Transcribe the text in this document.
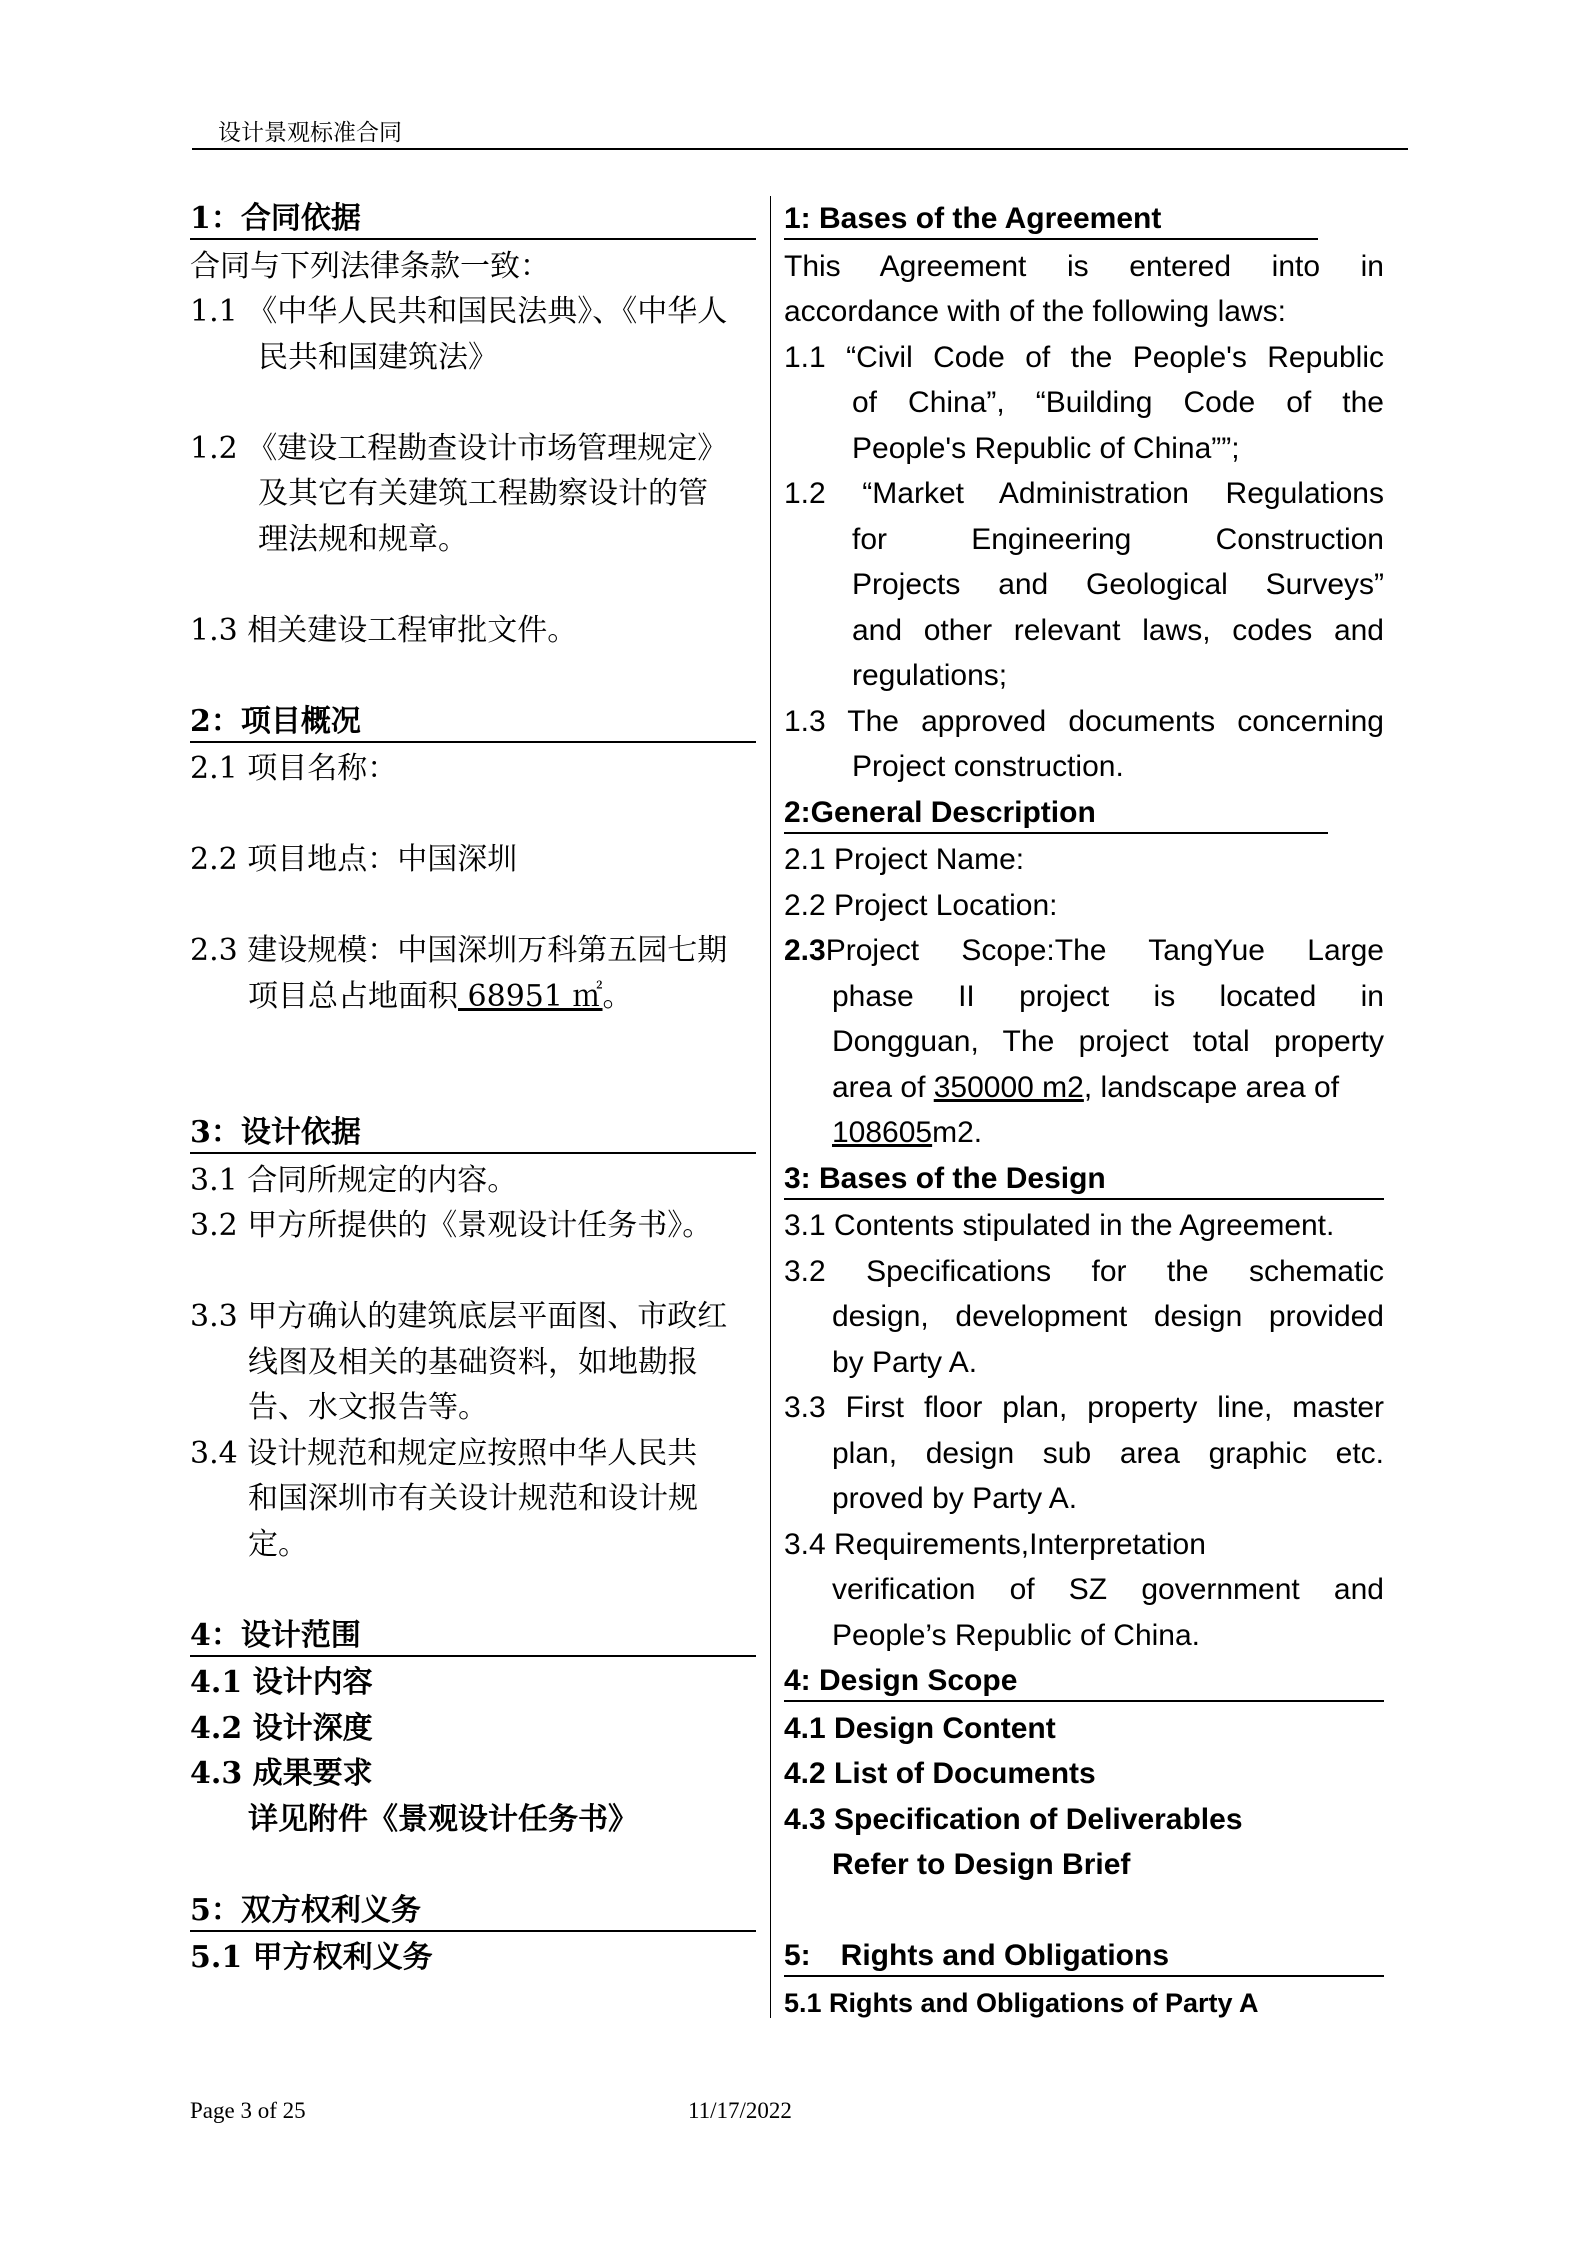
设计景观标准合同
1：合同依据
合同与下列法律条款一致：
1.1 《中华人民共和国民法典》、《中华人
民共和国建筑法》
1.2 《建设工程勘查设计市场管理规定》
及其它有关建筑工程勘察设计的管
理法规和规章。
1.3 相关建设工程审批文件。
2：项目概况
2.1 项目名称：
2.2 项目地点：中国深圳
2.3 建设规模：中国深圳万科第五园七期
项目总占地面积 68951 ㎡。
3：设计依据
3.1 合同所规定的内容。
3.2 甲方所提供的《景观设计任务书》。
3.3 甲方确认的建筑底层平面图、市政红
线图及相关的基础资料，如地勘报
告、水文报告等。
3.4 设计规范和规定应按照中华人民共
和国深圳市有关设计规范和设计规
定。
4：设计范围
4.1 设计内容
4.2 设计深度
4.3 成果要求
详见附件《景观设计任务书》
5：双方权利义务
5.1 甲方权利义务
1: Bases of the Agreement
This Agreement is entered into in
accordance with of the following laws:
1.1 “Civil Code of the People's Republic
of China”, “Building Code of the
People's Republic of China””;
1.2 “Market Administration Regulations
for Engineering Construction
Projects and Geological Surveys”
and other relevant laws, codes and
regulations;
1.3 The approved documents concerning
Project construction.
2:General Description
2.1 Project Name:
2.2 Project Location:
2.3 Project Scope:The TangYue Large
phase II project is located in
Dongguan, The project total property
area of 350000 m2, landscape area of
108605m2.
3: Bases of the Design
3.1 Contents stipulated in the Agreement.
3.2 Specifications for the schematic
design, development design provided
by Party A.
3.3 First floor plan, property line, master
plan, design sub area graphic etc.
proved by Party A.
3.4 Requirements,Interpretation
verification of SZ government and
People’s Republic of China.
4: Design Scope
4.1 Design Content
4.2 List of Documents
4.3 Specification of Deliverables
Refer to Design Brief
5:　Rights and Obligations
5.1 Rights and Obligations of Party A
Page 3 of 25	11/17/2022
